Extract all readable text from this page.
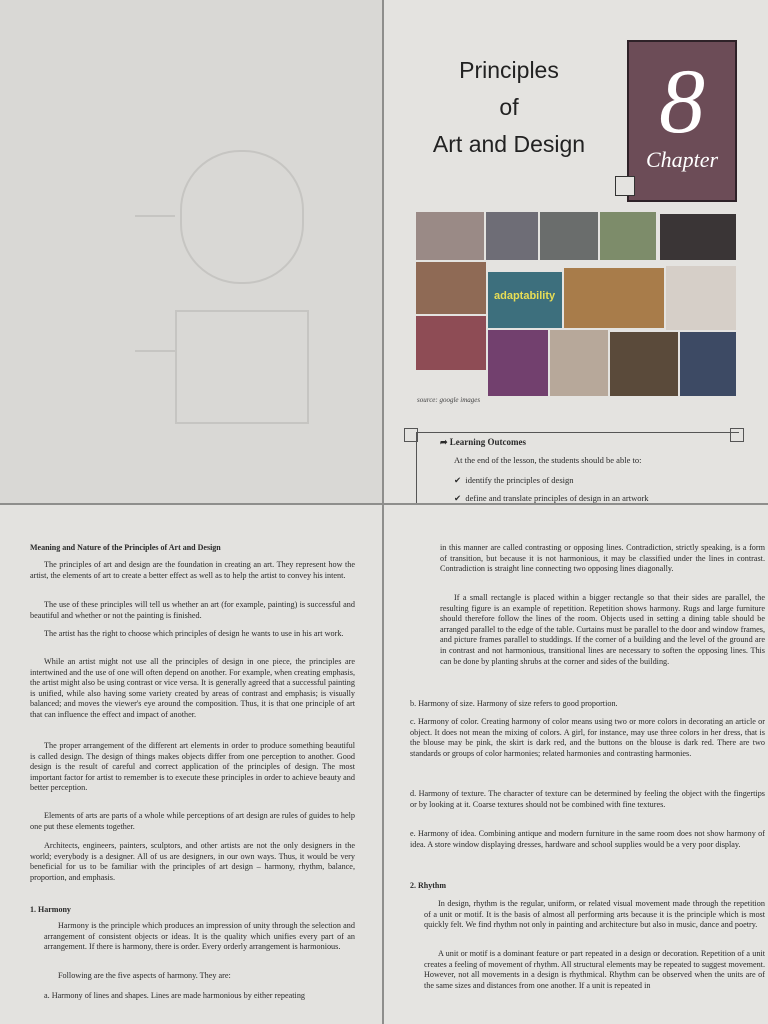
Principles
of
Art and Design 8
Chapter
adaptability
source: google images
➦ Learning Outcomes
At the end of the lesson, the students should be able to:
✔ identify the principles of design
✔ define and translate principles of design in an artwork

Meaning and Nature of the Principles of Art and Design

The principles of art and design are the foundation in creating an art. They represent how the artist, the elements of art to create a better effect as well as to help the artist to convey his intent.

The use of these principles will tell us whether an art (for example, painting) is successful and beautiful and whether or not the painting is finished.

The artist has the right to choose which principles of design he wants to use in his art work.

While an artist might not use all the principles of design in one piece, the principles are intertwined and the use of one will often depend on another. For example, when creating emphasis, the artist might also be using contrast or vice versa. It is generally agreed that a successful painting is unified, while also having some variety created by areas of contrast and emphasis; is visually balanced; and moves the viewer's eye around the composition. Thus, it is that one principle of art that can influence the effect and impact of another.

The proper arrangement of the different art elements in order to produce something beautiful is called design. The design of things makes objects differ from one perception to another. Good design is the result of careful and correct application of the principles of design. The most important factor for artist to remember is to execute these principles in order to achieve beauty and better perception.

Elements of arts are parts of a whole while perceptions of art design are rules of guides to help one put these elements together.

Architects, engineers, painters, sculptors, and other artists are not the only designers in the world; everybody is a designer. All of us are designers, in our own ways. Thus, it would be very beneficial for us to be familiar with the principles of art design – harmony, rhythm, balance, proportion, and emphasis.

1. Harmony

Harmony is the principle which produces an impression of unity through the selection and arrangement of consistent objects or ideas. It is the quality which unifies every part of an arrangement. If there is harmony, there is order. Every orderly arrangement is harmonious.

Following are the five aspects of harmony. They are:

a. Harmony of lines and shapes. Lines are made harmonious by either repeating

in this manner are called contrasting or opposing lines. Contradiction, strictly speaking, is a form of transition, but because it is not harmonious, it may be classified under the lines in contrast. Contradiction is straight line connecting two opposing lines diagonally.

If a small rectangle is placed within a bigger rectangle so that their sides are parallel, the resulting figure is an example of repetition. Repetition shows harmony. Rugs and large furniture should therefore follow the lines of the room. Objects used in setting a dining table should be arranged parallel to the edge of the table. Curtains must be parallel to the door and window frames, and picture frames parallel to studdings. If the corner of a building and the level of the ground are in contrast and not harmonious, transitional lines are necessary to soften the opposing lines. This can be done by planting shrubs at the corner and sides of the building.

b. Harmony of size. Harmony of size refers to good proportion.

c. Harmony of color. Creating harmony of color means using two or more colors in decorating an article or object. It does not mean the mixing of colors. A girl, for instance, may use three colors in her dress, that is the blouse may be pink, the skirt is dark red, and the buttons on the blouse is dark red. There are two standards or groups of color harmonies; related harmonies and contrasting harmonies.

d. Harmony of texture. The character of texture can be determined by feeling the object with the fingertips or by looking at it. Coarse textures should not be combined with fine textures.

e. Harmony of idea. Combining antique and modern furniture in the same room does not show harmony of idea. A store window displaying dresses, hardware and school supplies would be a very poor display.

2. Rhythm

In design, rhythm is the regular, uniform, or related visual movement made through the repetition of a unit or motif. It is the basis of almost all performing arts because it is the principle which is most quickly felt. We find rhythm not only in painting and architecture but also in music, dance and poetry.

A unit or motif is a dominant feature or part repeated in a design or decoration. Repetition of a unit creates a feeling of movement of rhythm. All structural elements may be repeated to suggest movement. However, not all movements in a design is rhythmical. Rhythm can be observed when the units are of the same sizes and distances from one another. If a unit is repeated in
